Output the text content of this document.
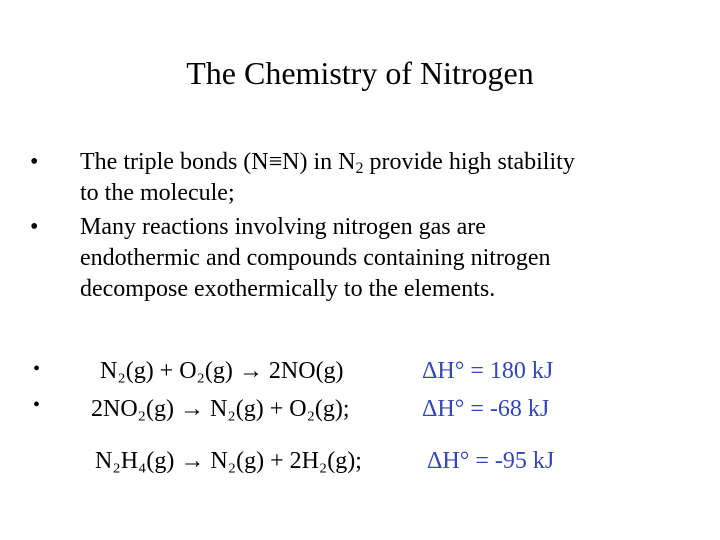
The Chemistry of Nitrogen
•	The triple bonds (N≡N) in $N_2$ provide high stability
to the molecule;
•	Many reactions involving nitrogen gas are
endothermic and compounds containing nitrogen
decompose exothermically to the elements.
•
•
N₂(g) + O₂(g) → 2NO(g)	ΔH° = 180 kJ
2NO₂(g) → N₂(g) + O₂(g);	ΔH° = -68 kJ
N₂H₄(g) → N₂(g) + 2H₂(g);	ΔH° = -95 kJ
